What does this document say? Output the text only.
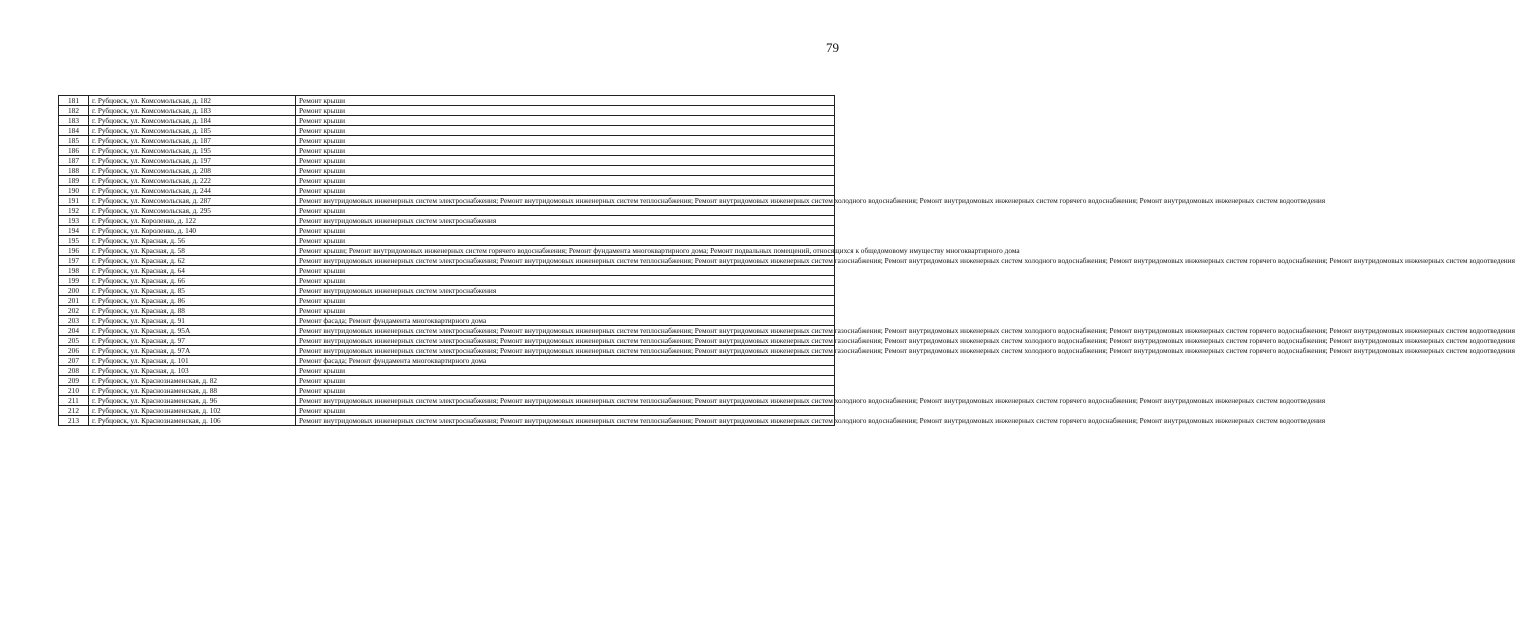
79
181	г. Рубцовск, ул. Комсомольская, д. 182	Ремонт крыши
182	г. Рубцовск, ул. Комсомольская, д. 183	Ремонт крыши
183	г. Рубцовск, ул. Комсомольская, д. 184	Ремонт крыши
184	г. Рубцовск, ул. Комсомольская, д. 185	Ремонт крыши
185	г. Рубцовск, ул. Комсомольская, д. 187	Ремонт крыши
186	г. Рубцовск, ул. Комсомольская, д. 195	Ремонт крыши
187	г. Рубцовск, ул. Комсомольская, д. 197	Ремонт крыши
188	г. Рубцовск, ул. Комсомольская, д. 208	Ремонт крыши
189	г. Рубцовск, ул. Комсомольская, д. 222	Ремонт крыши
190	г. Рубцовск, ул. Комсомольская, д. 244	Ремонт крыши
191	г. Рубцовск, ул. Комсомольская, д. 287	Ремонт внутридомовых инженерных систем электроснабжения; Ремонт внутридомовых инженерных систем теплоснабжения; Ремонт внутридомовых инженерных систем холодного водоснабжения; Ремонт внутридомовых инженерных систем горячего водоснабжения; Ремонт внутридомовых инженерных систем водоотведения
192	г. Рубцовск, ул. Комсомольская, д. 295	Ремонт крыши
193	г. Рубцовск, ул. Короленко, д. 122	Ремонт внутридомовых инженерных систем электроснабжения
194	г. Рубцовск, ул. Короленко, д. 140	Ремонт крыши
195	г. Рубцовск, ул. Красная, д. 56	Ремонт крыши
196	г. Рубцовск, ул. Красная, д. 58	Ремонт крыши; Ремонт внутридомовых инженерных систем горячего водоснабжения; Ремонт фундамента многоквартирного дома; Ремонт подвальных помещений, относящихся к общедомовому имуществу многоквартирного дома
197	г. Рубцовск, ул. Красная, д. 62	Ремонт внутридомовых инженерных систем электроснабжения; Ремонт внутридомовых инженерных систем теплоснабжения; Ремонт внутридомовых инженерных систем газоснабжения; Ремонт внутридомовых инженерных систем холодного водоснабжения; Ремонт внутридомовых инженерных систем горячего водоснабжения; Ремонт внутридомовых инженерных систем водоотведения
198	г. Рубцовск, ул. Красная, д. 64	Ремонт крыши
199	г. Рубцовск, ул. Красная, д. 66	Ремонт крыши
200	г. Рубцовск, ул. Красная, д. 85	Ремонт внутридомовых инженерных систем электроснабжения
201	г. Рубцовск, ул. Красная, д. 86	Ремонт крыши
202	г. Рубцовск, ул. Красная, д. 88	Ремонт крыши
203	г. Рубцовск, ул. Красная, д. 91	Ремонт фасада; Ремонт фундамента многоквартирного дома
204	г. Рубцовск, ул. Красная, д. 95А	Ремонт внутридомовых инженерных систем электроснабжения; Ремонт внутридомовых инженерных систем теплоснабжения; Ремонт внутридомовых инженерных систем газоснабжения; Ремонт внутридомовых инженерных систем холодного водоснабжения; Ремонт внутридомовых инженерных систем горячего водоснабжения; Ремонт внутридомовых инженерных систем водоотведения
205	г. Рубцовск, ул. Красная, д. 97	Ремонт внутридомовых инженерных систем электроснабжения; Ремонт внутридомовых инженерных систем теплоснабжения; Ремонт внутридомовых инженерных систем газоснабжения; Ремонт внутридомовых инженерных систем холодного водоснабжения; Ремонт внутридомовых инженерных систем горячего водоснабжения; Ремонт внутридомовых инженерных систем водоотведения
206	г. Рубцовск, ул. Красная, д. 97А	Ремонт внутридомовых инженерных систем электроснабжения; Ремонт внутридомовых инженерных систем теплоснабжения; Ремонт внутридомовых инженерных систем газоснабжения; Ремонт внутридомовых инженерных систем холодного водоснабжения; Ремонт внутридомовых инженерных систем горячего водоснабжения; Ремонт внутридомовых инженерных систем водоотведения
207	г. Рубцовск, ул. Красная, д. 101	Ремонт фасада; Ремонт фундамента многоквартирного дома
208	г. Рубцовск, ул. Красная, д. 103	Ремонт крыши
209	г. Рубцовск, ул. Краснознаменская, д. 82	Ремонт крыши
210	г. Рубцовск, ул. Краснознаменская, д. 88	Ремонт крыши
211	г. Рубцовск, ул. Краснознаменская, д. 96	Ремонт внутридомовых инженерных систем электроснабжения; Ремонт внутридомовых инженерных систем теплоснабжения; Ремонт внутридомовых инженерных систем холодного водоснабжения; Ремонт внутридомовых инженерных систем горячего водоснабжения; Ремонт внутридомовых инженерных систем водоотведения
212	г. Рубцовск, ул. Краснознаменская, д. 102	Ремонт крыши
213	г. Рубцовск, ул. Краснознаменская, д. 106	Ремонт внутридомовых инженерных систем электроснабжения; Ремонт внутридомовых инженерных систем теплоснабжения; Ремонт внутридомовых инженерных систем холодного водоснабжения; Ремонт внутридомовых инженерных систем горячего водоснабжения; Ремонт внутридомовых инженерных систем водоотведения
